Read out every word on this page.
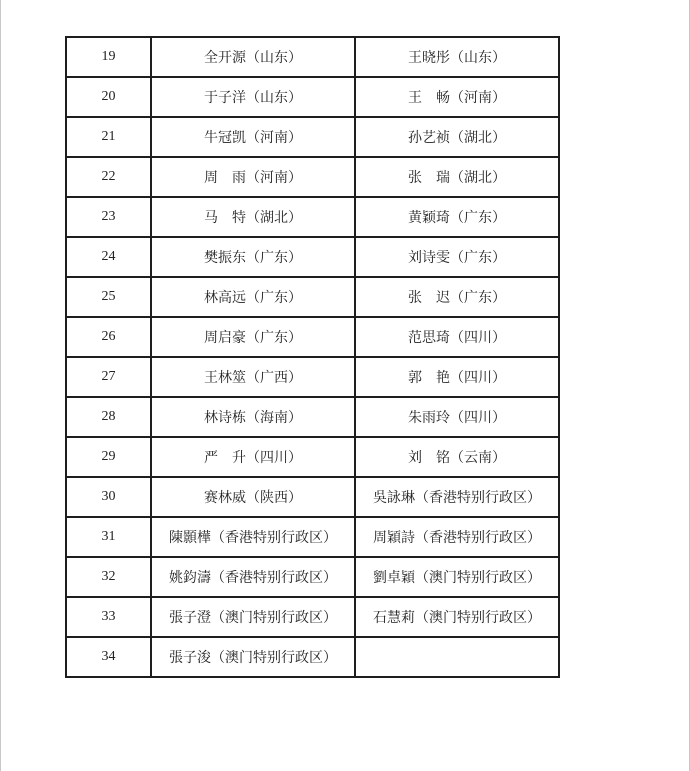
19	全开源（山东）	王晓彤（山东）
20	于子洋（山东）	王　畅（河南）
21	牛冠凯（河南）	孙艺祯（湖北）
22	周　雨（河南）	张　瑞（湖北）
23	马　特（湖北）	黄颖琦（广东）
24	樊振东（广东）	刘诗雯（广东）
25	林高远（广东）	张　迟（广东）
26	周启豪（广东）	范思琦（四川）
27	王林筮（广西）	郭　艳（四川）
28	林诗栋（海南）	朱雨玲（四川）
29	严　升（四川）	刘　铭（云南）
30	赛林威（陕西）	吳詠琳（香港特别行政区）
31	陳顥樺（香港特别行政区）	周穎詩（香港特别行政区）
32	姚鈞濤（香港特别行政区）	劉卓穎（澳门特别行政区）
33	張子澄（澳门特别行政区）	石慧莉（澳门特别行政区）
34	張子浚（澳门特别行政区）	
